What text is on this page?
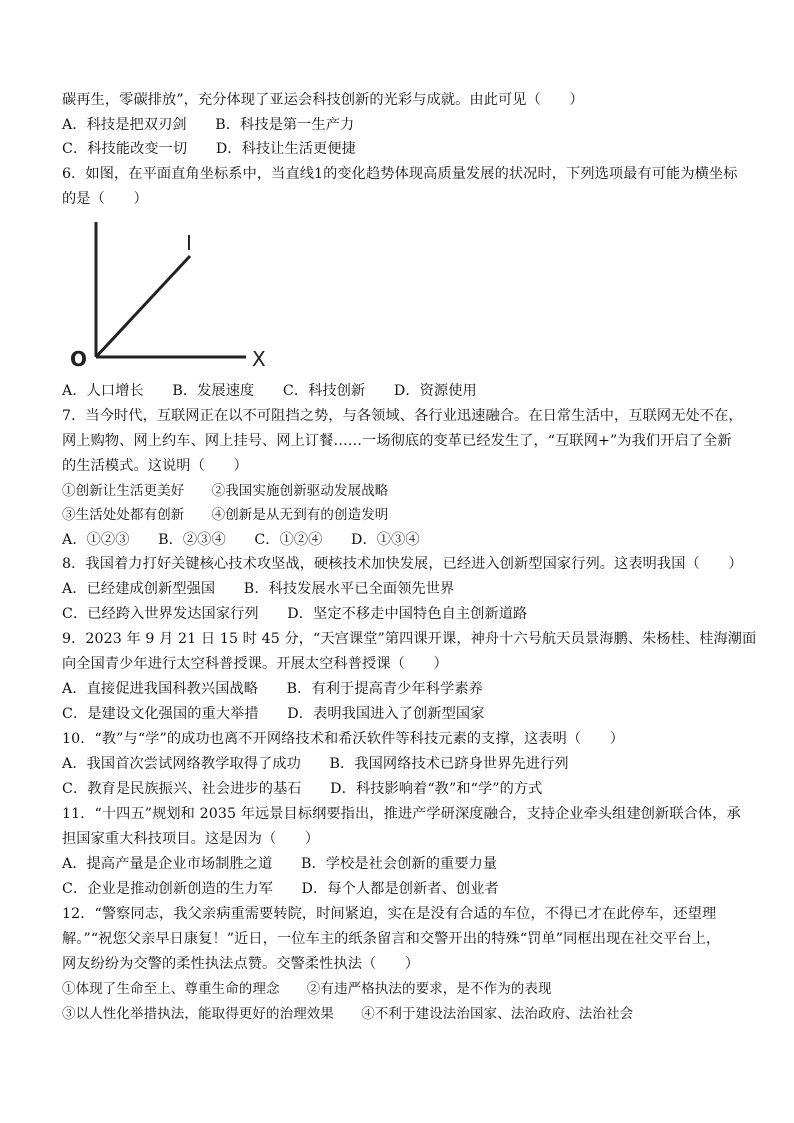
碳再生，零碳排放”，充分体现了亚运会科技创新的光彩与成就。由此可见（　　）
A．科技是把双刃剑　　B．科技是第一生产力
C．科技能改变一切　　D．科技让生活更便捷
6．如图，在平面直角坐标系中，当直线1的变化趋势体现高质量发展的状况时，下列选项最有可能为横坐标
的是（　　）
I
O	X
A．人口增长　　B．发展速度　　C．科技创新　　D．资源使用
7．当今时代，互联网正在以不可阻挡之势，与各领域、各行业迅速融合。在日常生活中，互联网无处不在，
网上购物、网上约车、网上挂号、网上订餐……一场彻底的变革已经发生了，“互联网+”为我们开启了全新
的生活模式。这说明（　　）
①创新让生活更美好　　②我国实施创新驱动发展战略
③生活处处都有创新　　④创新是从无到有的创造发明
A．①②③　　B．②③④　　C．①②④　　D．①③④
8．我国着力打好关键核心技术攻坚战，硬核技术加快发展，已经进入创新型国家行列。这表明我国（　　）
A．已经建成创新型强国　　B．科技发展水平已全面领先世界
C．已经跨入世界发达国家行列　　D．坚定不移走中国特色自主创新道路
9．2023 年 9 月 21 日 15 时 45 分，“天宫课堂”第四课开课，神舟十六号航天员景海鹏、朱杨桂、桂海潮面
向全国青少年进行太空科普授课。开展太空科普授课（　　）
A．直接促进我国科教兴国战略　　B．有利于提高青少年科学素养
C．是建设文化强国的重大举措　　D．表明我国进入了创新型国家
10．“教”与“学”的成功也离不开网络技术和希沃软件等科技元素的支撑，这表明（　　）
A．我国首次尝试网络教学取得了成功　　B．我国网络技术已跻身世界先进行列
C．教育是民族振兴、社会进步的基石　　D．科技影响着“教”和“学”的方式
11．“十四五”规划和 2035 年远景目标纲要指出，推进产学研深度融合，支持企业牵头组建创新联合体，承
担国家重大科技项目。这是因为（　　）
A．提高产量是企业市场制胜之道　　B．学校是社会创新的重要力量
C．企业是推动创新创造的生力军　　D．每个人都是创新者、创业者
12．“警察同志，我父亲病重需要转院，时间紧迫，实在是没有合适的车位，不得已才在此停车，还望理
解。”“祝您父亲早日康复！”近日，一位车主的纸条留言和交警开出的特殊“罚单”同框出现在社交平台上，
网友纷纷为交警的柔性执法点赞。交警柔性执法（　　）
①体现了生命至上、尊重生命的理念　　②有违严格执法的要求，是不作为的表现
③以人性化举措执法，能取得更好的治理效果　　④不利于建设法治国家、法治政府、法治社会
